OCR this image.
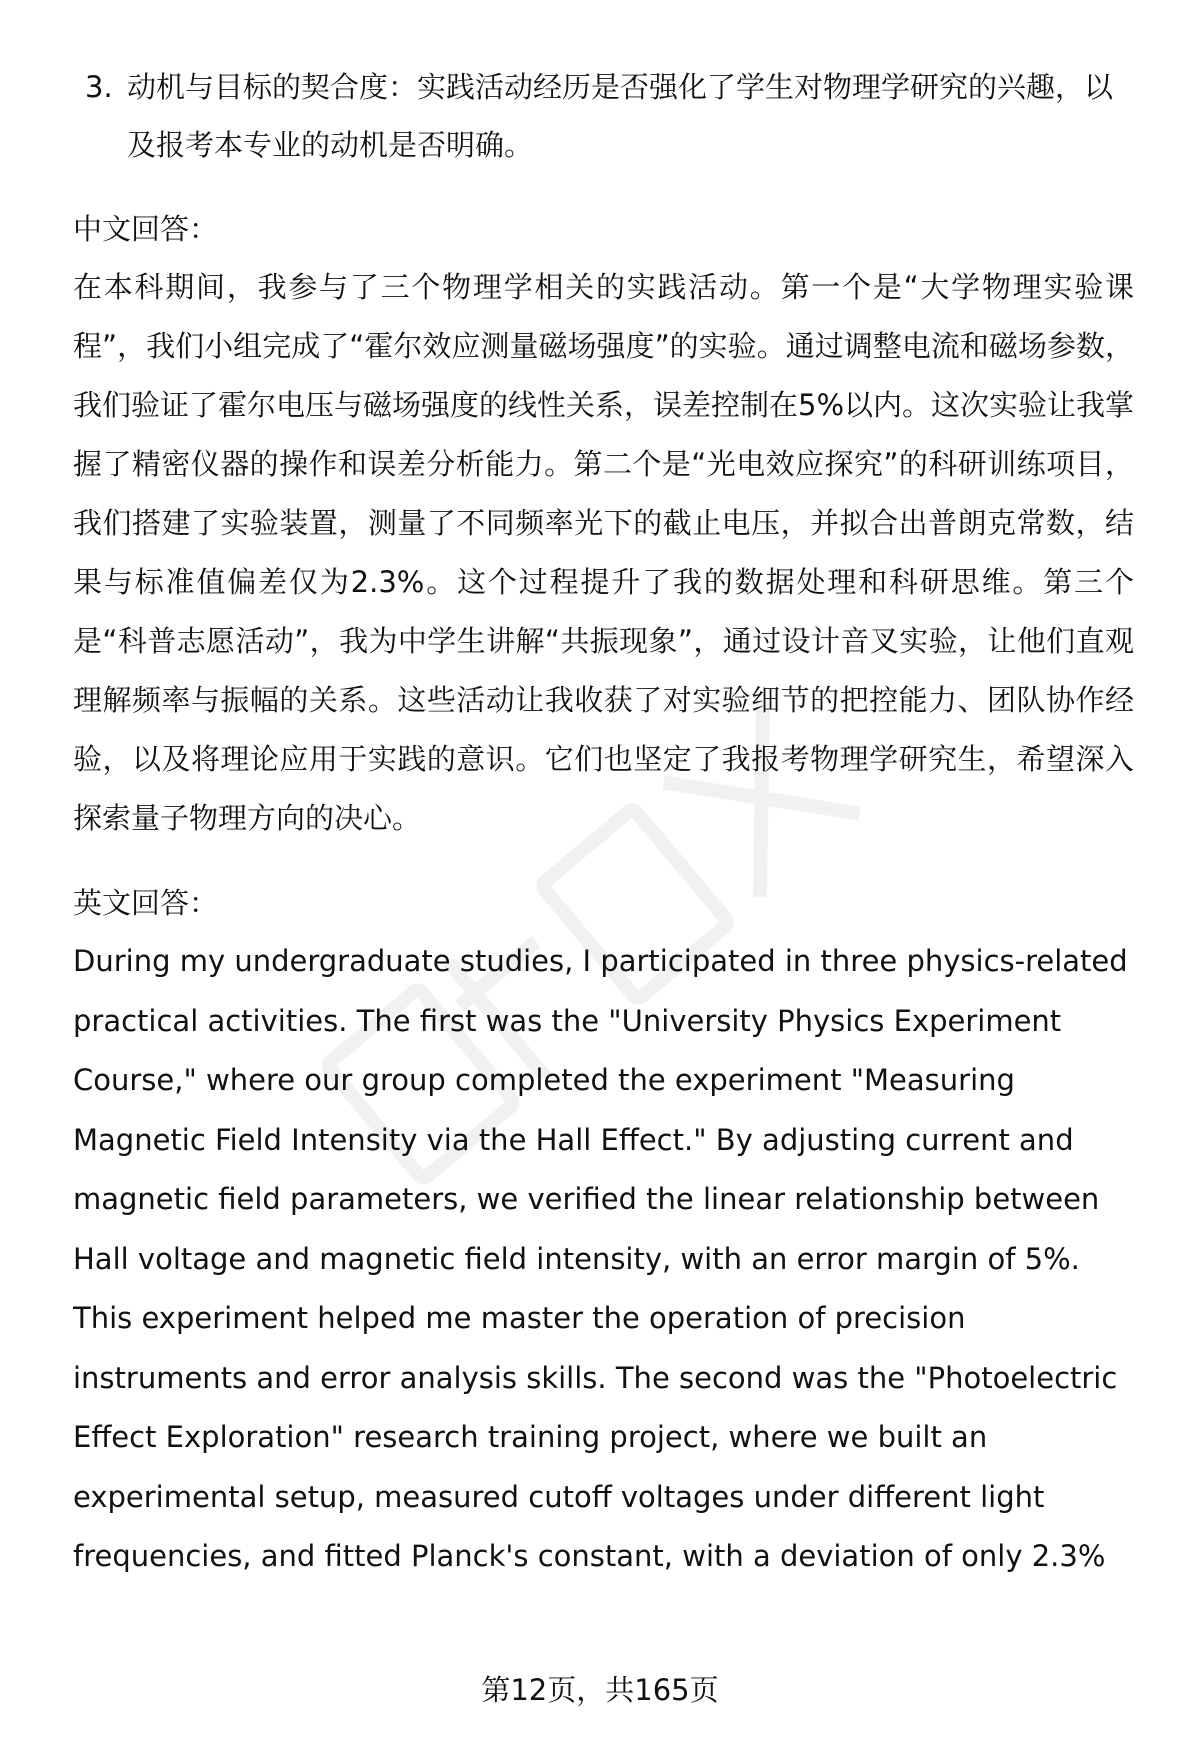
3. 动机与目标的契合度：实践活动经历是否强化了学生对物理学研究的兴趣，以及报考本专业的动机是否明确。
中文回答：

在本科期间，我参与了三个物理学相关的实践活动。第一个是“大学物理实验课程”，我们小组完成了“霍尔效应测量磁场强度”的实验。通过调整电流和磁场参数，我们验证了霍尔电压与磁场强度的线性关系，误差控制在5%以内。这次实验让我掌握了精密仪器的操作和误差分析能力。第二个是“光电效应探究”的科研训练项目，我们搭建了实验装置，测量了不同频率光下的截止电压，并拟合出普朗克常数，结果与标准值偏差仅为2.3%。这个过程提升了我的数据处理和科研思维。第三个是“科普志愿活动”，我为中学生讲解“共振现象”，通过设计音叉实验，让他们直观理解频率与振幅的关系。这些活动让我收获了对实验细节的把控能力、团队协作经验，以及将理论应用于实践的意识。它们也坚定了我报考物理学研究生，希望深入探索量子物理方向的决心。

英文回答：

During my undergraduate studies, I participated in three physics-related practical activities. The first was the "University Physics Experiment Course," where our group completed the experiment "Measuring Magnetic Field Intensity via the Hall Effect." By adjusting current and magnetic field parameters, we verified the linear relationship between Hall voltage and magnetic field intensity, with an error margin of 5%. This experiment helped me master the operation of precision instruments and error analysis skills. The second was the "Photoelectric Effect Exploration" research training project, where we built an experimental setup, measured cutoff voltages under different light frequencies, and fitted Planck's constant, with a deviation of only 2.3%

第12页，共165页
